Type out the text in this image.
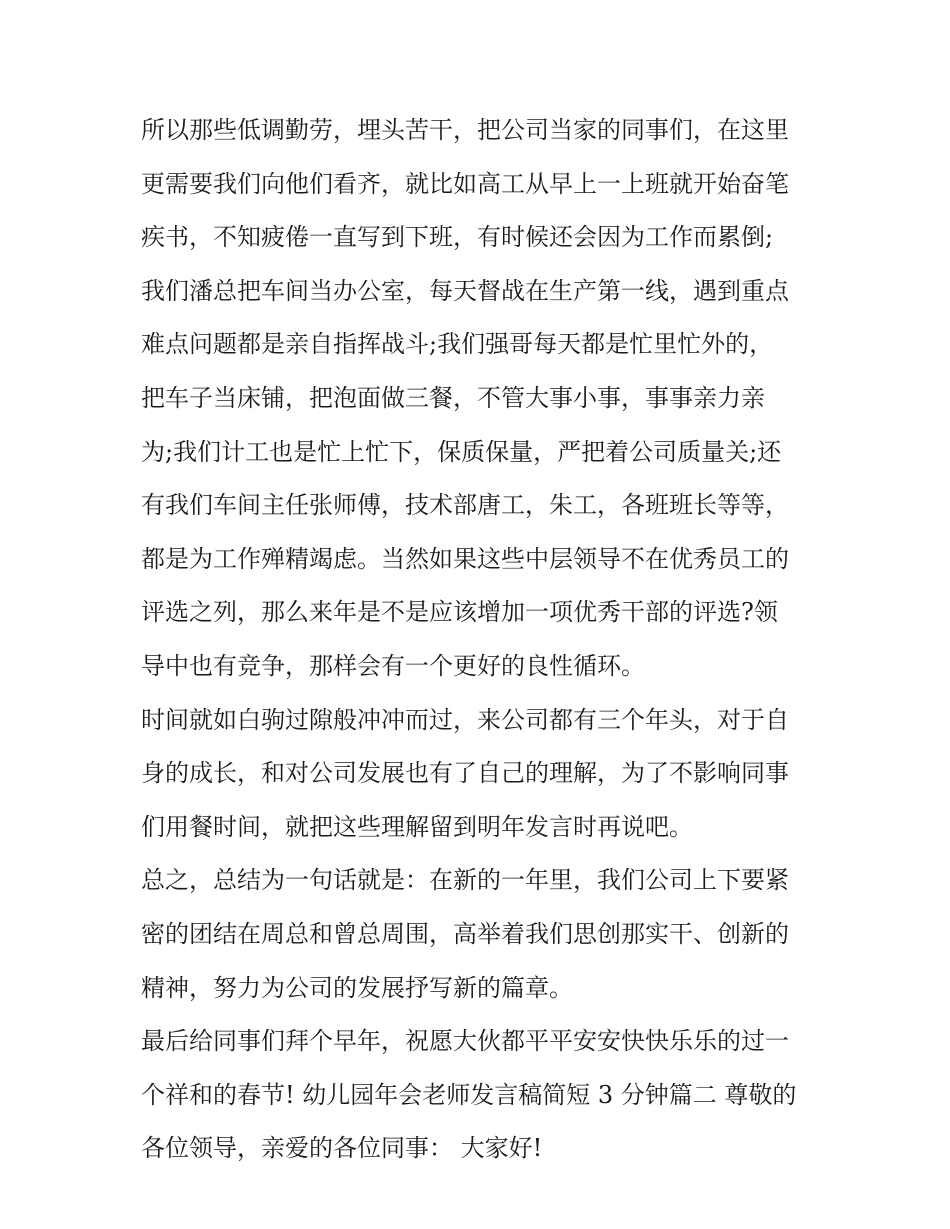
所以那些低调勤劳，埋头苦干，把公司当家的同事们，在这里
更需要我们向他们看齐，就比如高工从早上一上班就开始奋笔
疾书，不知疲倦一直写到下班，有时候还会因为工作而累倒;
我们潘总把车间当办公室，每天督战在生产第一线，遇到重点
难点问题都是亲自指挥战斗;我们强哥每天都是忙里忙外的，
把车子当床铺，把泡面做三餐，不管大事小事，事事亲力亲
为;我们计工也是忙上忙下，保质保量，严把着公司质量关;还
有我们车间主任张师傅，技术部唐工，朱工，各班班长等等，
都是为工作殚精竭虑。当然如果这些中层领导不在优秀员工的
评选之列，那么来年是不是应该增加一项优秀干部的评选?领
导中也有竞争，那样会有一个更好的良性循环。
时间就如白驹过隙般冲冲而过，来公司都有三个年头，对于自
身的成长，和对公司发展也有了自己的理解，为了不影响同事
们用餐时间，就把这些理解留到明年发言时再说吧。
总之，总结为一句话就是：在新的一年里，我们公司上下要紧
密的团结在周总和曾总周围，高举着我们思创那实干、创新的
精神，努力为公司的发展抒写新的篇章。
最后给同事们拜个早年，祝愿大伙都平平安安快快乐乐的过一
个祥和的春节! 幼儿园年会老师发言稿简短 3 分钟篇二 尊敬的
各位领导，亲爱的各位同事： 大家好!
